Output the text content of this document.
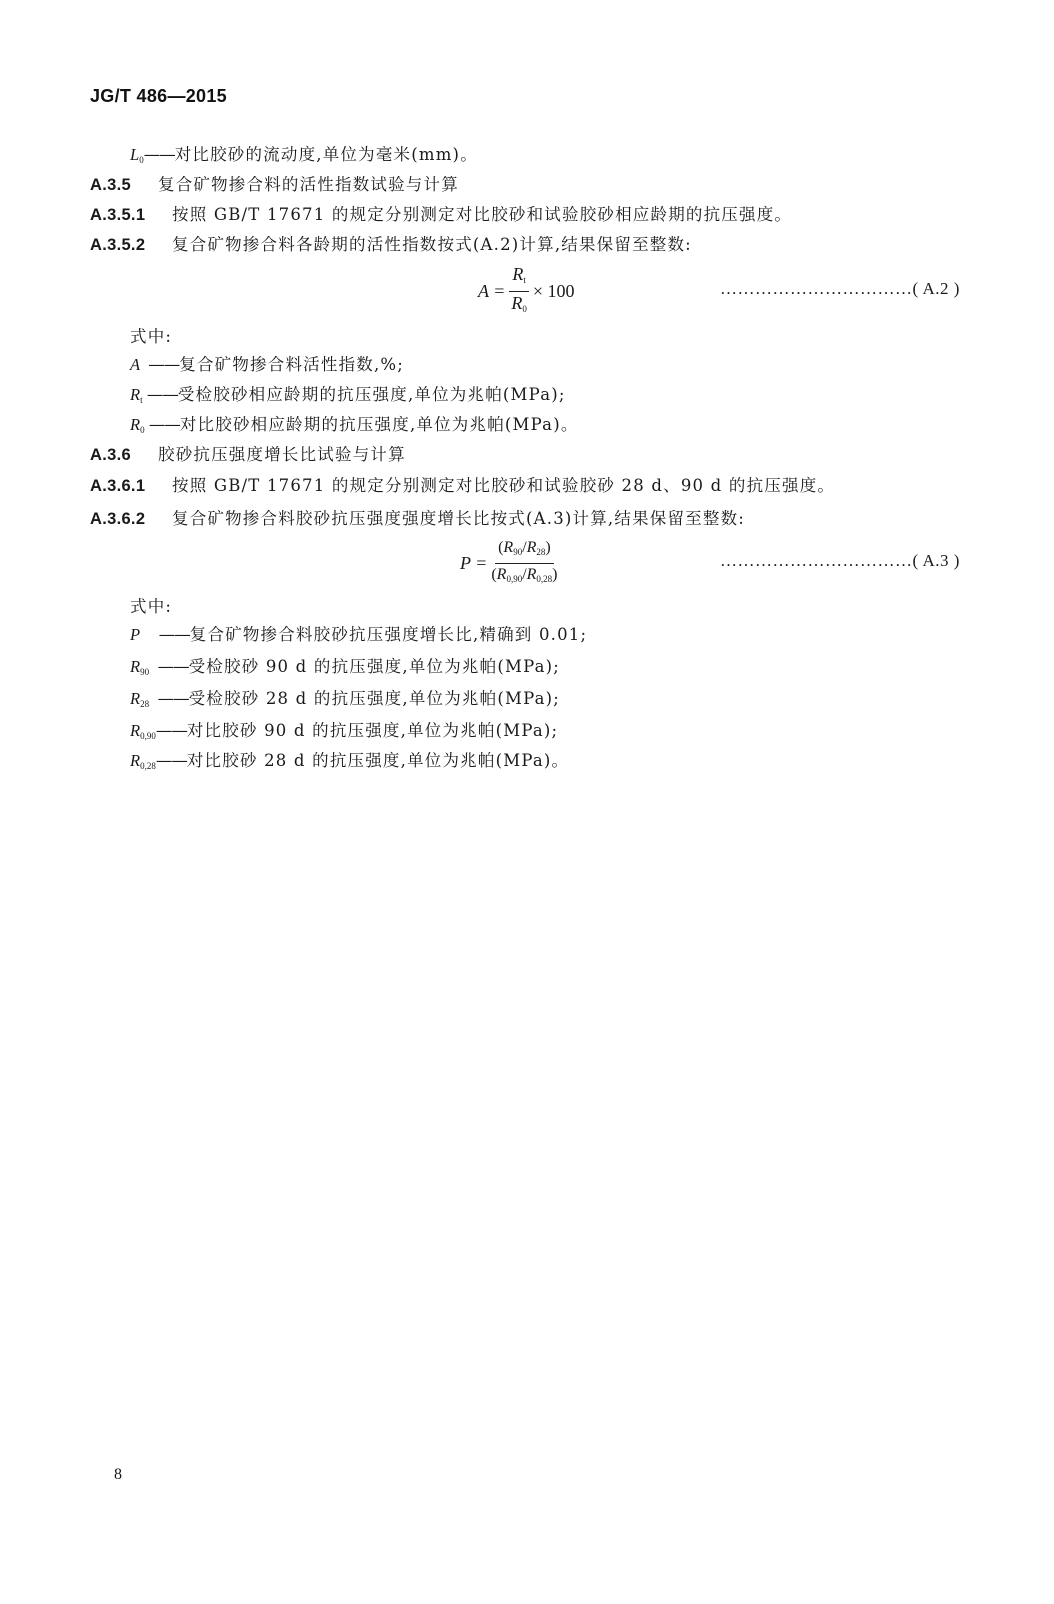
JG/T 486—2015
$L_0——$对比胶砂的流动度,单位为毫米(mm)。
A.3.5 复合矿物掺合料的活性指数试验与计算
A.3.5.1 按照 GB/T 17671 的规定分别测定对比胶砂和试验胶砂相应龄期的抗压强度。
A.3.5.2 复合矿物掺合料各龄期的活性指数按式(A.2)计算,结果保留至整数:
$A = \frac{R_t}{R_0} \times 100$	……………………………( A.2 )
式中:
A ——复合矿物掺合料活性指数,%;
$R_t$ ——受检胶砂相应龄期的抗压强度,单位为兆帕(MPa);
$R_0$ ——对比胶砂相应龄期的抗压强度,单位为兆帕(MPa)。
A.3.6 胶砂抗压强度增长比试验与计算
A.3.6.1 按照 GB/T 17671 的规定分别测定对比胶砂和试验胶砂 28 d、90 d 的抗压强度。
A.3.6.2 复合矿物掺合料胶砂抗压强度强度增长比按式(A.3)计算,结果保留至整数:
$P = \frac{(R_{90}/R_{28})}{(R_{0,90}/R_{0,28})}$	……………………………( A.3 )
式中:
P   ——复合矿物掺合料胶砂抗压强度增长比,精确到 0.01;
$R_{90}$  ——受检胶砂 90 d 的抗压强度,单位为兆帕(MPa);
$R_{28}$  ——受检胶砂 28 d 的抗压强度,单位为兆帕(MPa);
$R_{0,90}——$对比胶砂 90 d 的抗压强度,单位为兆帕(MPa);
$R_{0,28}——$对比胶砂 28 d 的抗压强度,单位为兆帕(MPa)。
8
